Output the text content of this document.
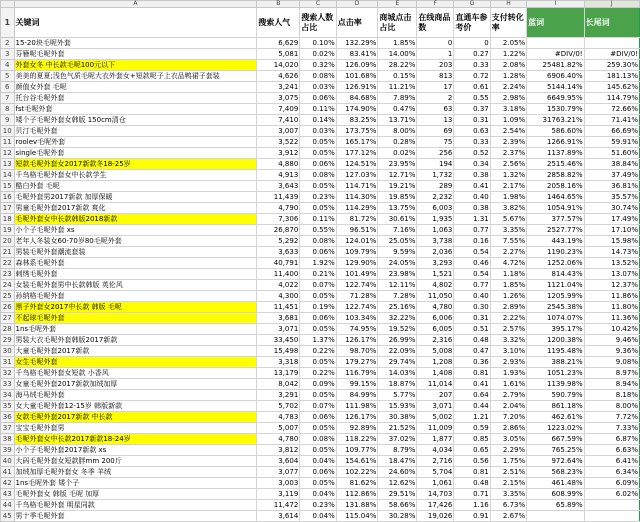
	A	B	C	D	E	F	G	H	I	J
1	关键词	搜索人气	搜索人数占比	点击率	商城点击占比	在线商品数	直通车参考价	支付转化率	蓝词	长尾词
2	15-20块毛呢外套	6,629	0.10%	132.29%	1.85%	0	0	2.05%		
3	芬簪呢毛呢外套	5,081	0.02%	83.41%	14.00%	1	0.27	1.22%	#DIV/0!	#DIV/0!
4	外套女冬 中长款毛呢100元以下	14,020	0.32%	126.09%	28.22%	203	0.33	2.08%	25481.82%	259.30%
5	美美的夏夏;浅色气质毛呢大衣外套女+短款呢子上衣品鸭裙子套装	4,626	0.08%	101.68%	0.15%	813	0.72	1.28%	6906.40%	181.13%
6	颜值女外套 毛呢	3,241	0.03%	126.91%	11.21%	17	0.61	2.24%	5144.14%	145.62%
7	托台谷毛呢外套	3,075	0.06%	84.68%	7.89%	2	0.55	2.98%	6649.95%	114.79%
8	fst毛呢外套	7,409	0.11%	174.90%	0.47%	63	0.37	3.18%	1530.79%	72.66%
9	矮个子毛呢外套女韩版 150cm清仓	7,410	0.14%	83.25%	13.71%	13	0.31	1.09%	31763.21%	71.41%
10	贝汀毛呢外套	3,007	0.03%	173.75%	8.00%	69	0.63	2.54%	586.60%	66.69%
11	roolev毛呢外套	3,522	0.05%	165.17%	0.28%	75	0.33	2.39%	1266.91%	59.91%
12	single毛呢外套	3,912	0.05%	177.12%	0.02%	256	0.52	2.37%	1137.89%	51.60%
13	短款毛呢外套女2017新款冬18-25岁	4,880	0.06%	124.51%	23.95%	194	0.34	2.56%	2515.46%	38.84%
14	千鸟格毛呢外套女中长款学生	4,913	0.08%	127.03%	12.71%	1,732	0.38	1.32%	2858.82%	37.49%
15	酷白外套 毛呢	3,643	0.05%	114.71%	19.21%	289	0.41	2.17%	2058.16%	36.81%
16	毛呢外套男2017新款 加厚保暖	11,439	0.23%	114.30%	19.85%	2,232	0.40	1.98%	1464.65%	35.57%
17	男童毛呢外套2017新款 爽化	4,790	0.05%	114.29%	13.75%	6,003	0.38	3.82%	1054.91%	30.74%
18	毛呢外套女中长款韩版2018新款	7,306	0.11%	81.72%	30.61%	1,935	1.31	5.67%	377.57%	17.49%
19	小个子毛呢外套 xs	26,870	0.55%	96.51%	7.16%	1,063	0.77	3.35%	2527.77%	17.10%
20	老年人冬装女60-70岁80毛呢外套	5,292	0.08%	124.01%	25.05%	3,738	0.16	7.55%	443.19%	15.98%
21	男装毛呢外套潮流套装	3,633	0.06%	109.79%	9.59%	2,036	0.54	2.27%	1190.23%	14.73%
22	森林系毛呢外套	40,791	1.92%	129.90%	24.05%	3,293	0.46	4.72%	1252.06%	13.52%
23	刺绣毛呢外套	11,400	0.21%	101.49%	23.98%	1,521	0.54	1.18%	814.43%	13.07%
24	女装毛呢外套男中长款韩版 英伦风	4,022	0.07%	122.74%	12.11%	4,802	0.77	1.85%	1121.04%	12.37%
25	孙纳格毛呢外套	4,300	0.05%	71.28%	7.28%	11,050	0.40	1.26%	1205.99%	11.86%
26	黑子外套女2017中长款 韩版 毛呢	11,451	0.19%	122.74%	25.16%	4,780	0.30	2.89%	2545.38%	11.80%
27	不起球毛呢外套	3,681	0.06%	103.34%	32.22%	6,006	0.31	2.22%	1074.07%	11.36%
28	1ns毛呢外套	3,071	0.05%	74.95%	19.52%	6,005	0.51	2.57%	395.17%	10.42%
29	男装大衣毛呢外套韩版2017新款	33,450	1.37%	126.17%	26.99%	2,316	0.48	3.32%	1200.38%	9.46%
30	大童毛呢外套2017新款	15,498	0.22%	98.70%	22.09%	5,008	0.47	3.10%	1195.48%	9.36%
31	女生毛呢外套	3,318	0.05%	179.27%	29.74%	1,208	0.36	2.93%	388.21%	9.08%
32	千鸟格毛呢外套女短款 小香风	13,179	0.22%	116.79%	14.03%	1,408	0.81	1.93%	1051.23%	8.97%
33	女童毛呢外套2017新款加绒加厚	8,042	0.09%	99.15%	18.87%	11,014	0.41	1.61%	1139.98%	8.94%
34	海马绒毛呢外套	3,291	0.05%	84.99%	5.77%	207	0.64	2.79%	590.79%	8.18%
35	女大童毛呢外套12-15岁 韩版新款	5,702	0.07%	111.98%	15.93%	3,071	0.44	2.04%	861.18%	8.00%
36	女款毛呢外套2017新款 中长款	4,783	0.06%	126.17%	30.38%	5,002	1.21	7.20%	462.61%	7.72%
37	宝宝毛呢外套男	5,007	0.05%	92.89%	21.52%	11,009	0.59	2.86%	1223.02%	7.33%
38	毛呢外套女中长款2017新款18-24岁	4,780	0.08%	118.22%	37.02%	1,877	0.85	3.05%	667.59%	6.87%
39	小个子毛呢外套2017新款 xs	3,812	0.05%	109.77%	8.79%	4,034	0.65	2.29%	765.25%	6.63%
40	大码毛呢外套女短款胖mm 200斤	3,604	0.04%	154.61%	18.47%	2,716	0.56	1.75%	972.64%	6.41%
41	加绒加厚毛呢外套女 冬季 羊绒	3,077	0.06%	102.22%	24.60%	5,704	0.81	2.51%	568.23%	6.34%
42	1ns毛呢外套 矮个子	3,003	0.05%	81.62%	12.62%	1,061	0.48	2.15%	461.48%	6.09%
43	毛呢外套女 韩版 毛呢 加厚	3,119	0.04%	112.86%	29.51%	14,703	0.71	3.35%	608.99%	6.02%
44	千鸟格毛呢外套 明星同款	11,472	0.23%	131.88%	58.66%	17,426	1.16	6.73%	65.89%	
45	男十季毛呢外套	3,614	0.04%	115.04%	30.28%	19,026	0.91	2.67%		
